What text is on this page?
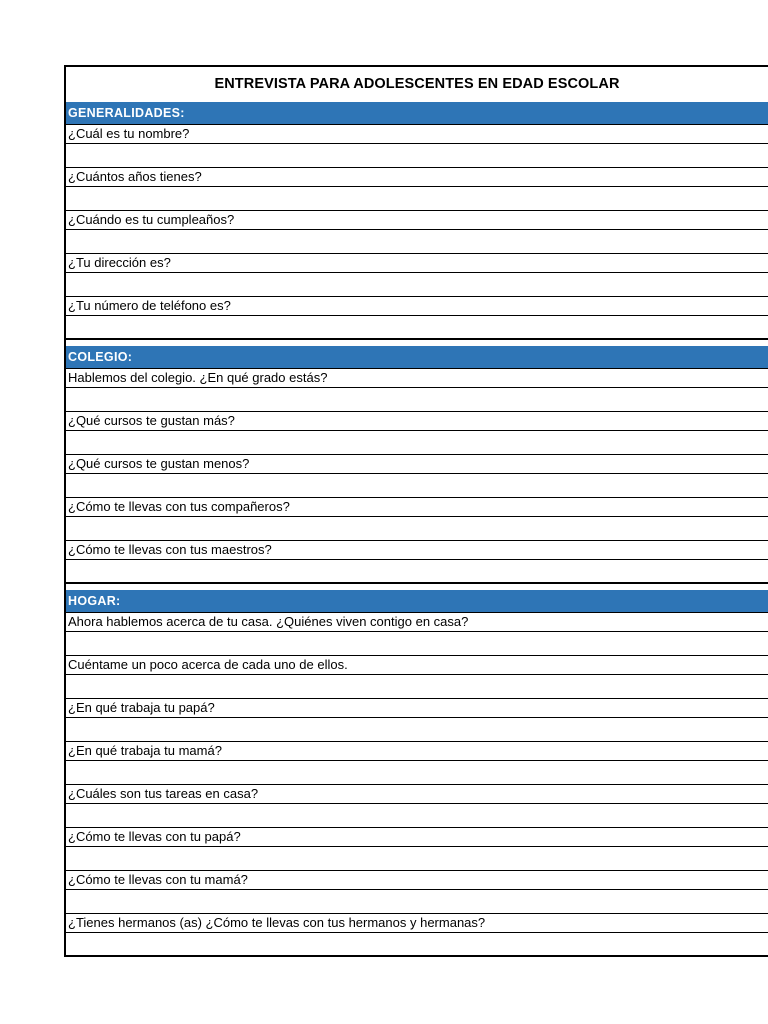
ENTREVISTA PARA ADOLESCENTES EN EDAD ESCOLAR
GENERALIDADES:
¿Cuál es tu nombre?
¿Cuántos años tienes?
¿Cuándo es tu cumpleaños?
¿Tu dirección es?
¿Tu número de teléfono es?
COLEGIO:
Hablemos del colegio. ¿En qué grado estás?
¿Qué cursos te gustan más?
¿Qué cursos te gustan menos?
¿Cómo te llevas con tus compañeros?
¿Cómo te llevas con tus maestros?
HOGAR:
Ahora hablemos acerca de tu casa. ¿Quiénes viven contigo en casa?
Cuéntame un poco acerca de cada uno de ellos.
¿En qué trabaja tu papá?
¿En qué trabaja tu mamá?
¿Cuáles son tus tareas en casa?
¿Cómo te llevas con tu papá?
¿Cómo te llevas con tu mamá?
¿Tienes hermanos (as) ¿Cómo te llevas con tus hermanos y hermanas?
